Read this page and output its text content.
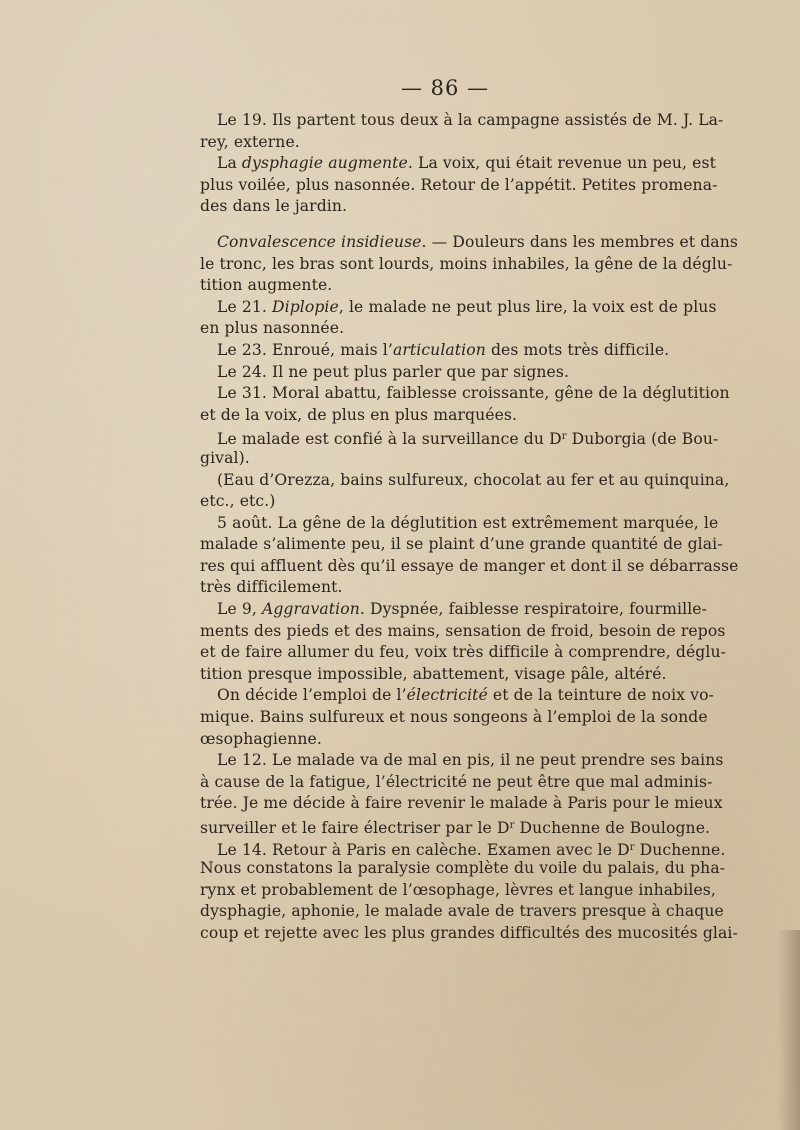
— 86 —
Le 19. Ils partent tous deux à la campagne assistés de M. J. La-
rey, externe.
La dysphagie augmente. La voix, qui était revenue un peu, est
plus voilée, plus nasonnée. Retour de l’appétit. Petites promena-
des dans le jardin.
Convalescence insidieuse. — Douleurs dans les membres et dans
le tronc, les bras sont lourds, moins inhabiles, la gêne de la déglu-
tition augmente.
Le 21. Diplopie, le malade ne peut plus lire, la voix est de plus
en plus nasonnée.
Le 23. Enroué, mais l’articulation des mots très difficile.
Le 24. Il ne peut plus parler que par signes.
Le 31. Moral abattu, faiblesse croissante, gêne de la déglutition
et de la voix, de plus en plus marquées.
Le malade est confié à la surveillance du $D^r$ Duborgia (de Bou-
gival).
(Eau d’Orezza, bains sulfureux, chocolat au fer et au quinquina,
etc., etc.)
5 août. La gêne de la déglutition est extrêmement marquée, le
malade s’alimente peu, il se plaint d’une grande quantité de glai-
res qui affluent dès qu’il essaye de manger et dont il se débarrasse
très difficilement.
Le 9, Aggravation. Dyspnée, faiblesse respiratoire, fourmille-
ments des pieds et des mains, sensation de froid, besoin de repos
et de faire allumer du feu, voix très difficile à comprendre, déglu-
tition presque impossible, abattement, visage pâle, altéré.
On décide l’emploi de l’électricité et de la teinture de noix vo-
mique. Bains sulfureux et nous songeons à l’emploi de la sonde
œsophagienne.
Le 12. Le malade va de mal en pis, il ne peut prendre ses bains
à cause de la fatigue, l’électricité ne peut être que mal adminis-
trée. Je me décide à faire revenir le malade à Paris pour le mieux
surveiller et le faire électriser par le $D^r$ Duchenne de Boulogne.
Le 14. Retour à Paris en calèche. Examen avec le $D^r$ Duchenne.
Nous constatons la paralysie complète du voile du palais, du pha-
rynx et probablement de l’œsophage, lèvres et langue inhabiles,
dysphagie, aphonie, le malade avale de travers presque à chaque
coup et rejette avec les plus grandes difficultés des mucosités glai-
